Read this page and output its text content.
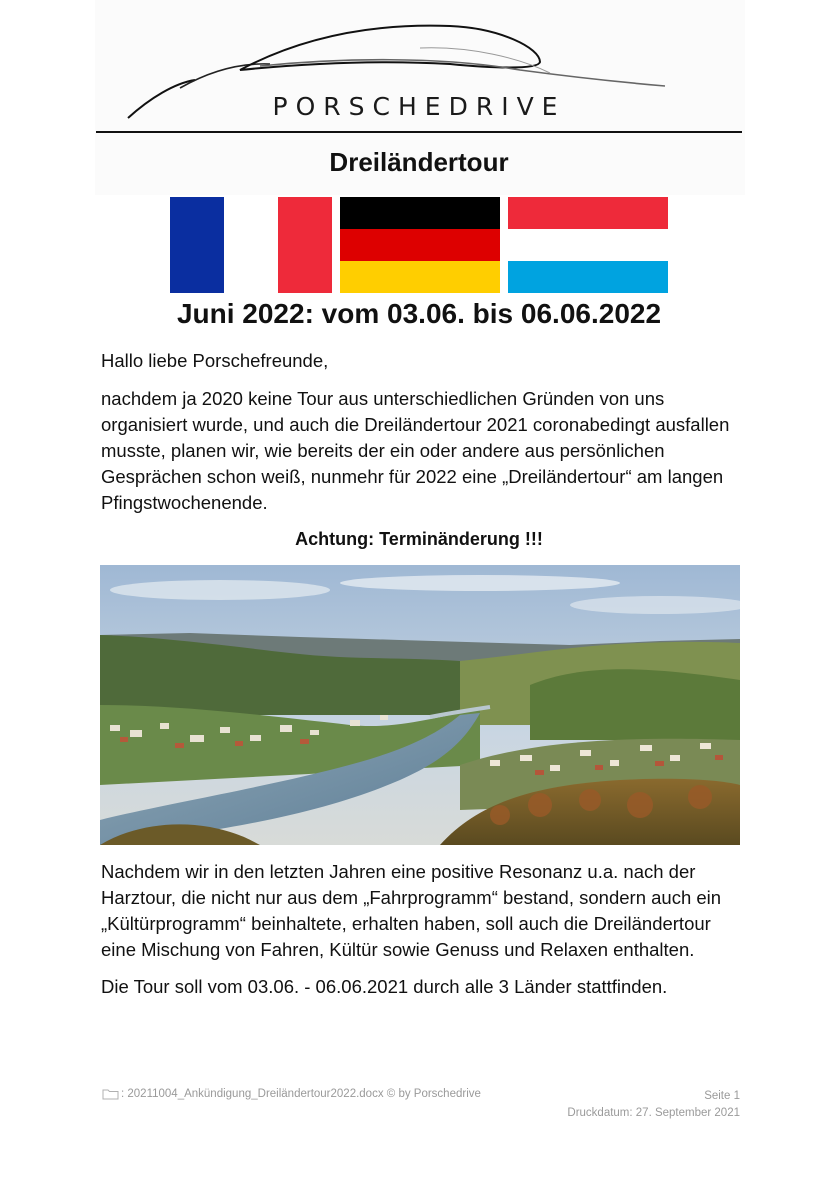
PORSCHEDRIVE
Dreiländertour
Juni 2022: vom 03.06. bis 06.06.2022
Hallo liebe Porschefreunde,
nachdem ja 2020 keine Tour aus unterschiedlichen Gründen von uns organisiert wurde, und auch die Dreiländertour 2021 coronabedingt ausfallen musste, planen wir, wie bereits der ein oder andere aus persönlichen Gesprächen schon weiß, nunmehr für 2022 eine „Dreiländertour“ am langen Pfingstwochenende.
Achtung: Terminänderung !!!
Nachdem wir in den letzten Jahren eine positive Resonanz u.a. nach der Harztour, die nicht nur aus dem „Fahrprogramm“ bestand, sondern auch ein „Kültürprogramm“ beinhaltete, erhalten haben, soll auch die Dreiländertour eine Mischung von Fahren, Kültür sowie Genuss und Relaxen enthalten.
Die Tour soll vom 03.06. - 06.06.2021 durch alle 3 Länder stattfinden.
: 20211004_Ankündigung_Dreiländertour2022.docx © by Porschedrive	Seite 1
Druckdatum: 27. September 2021
